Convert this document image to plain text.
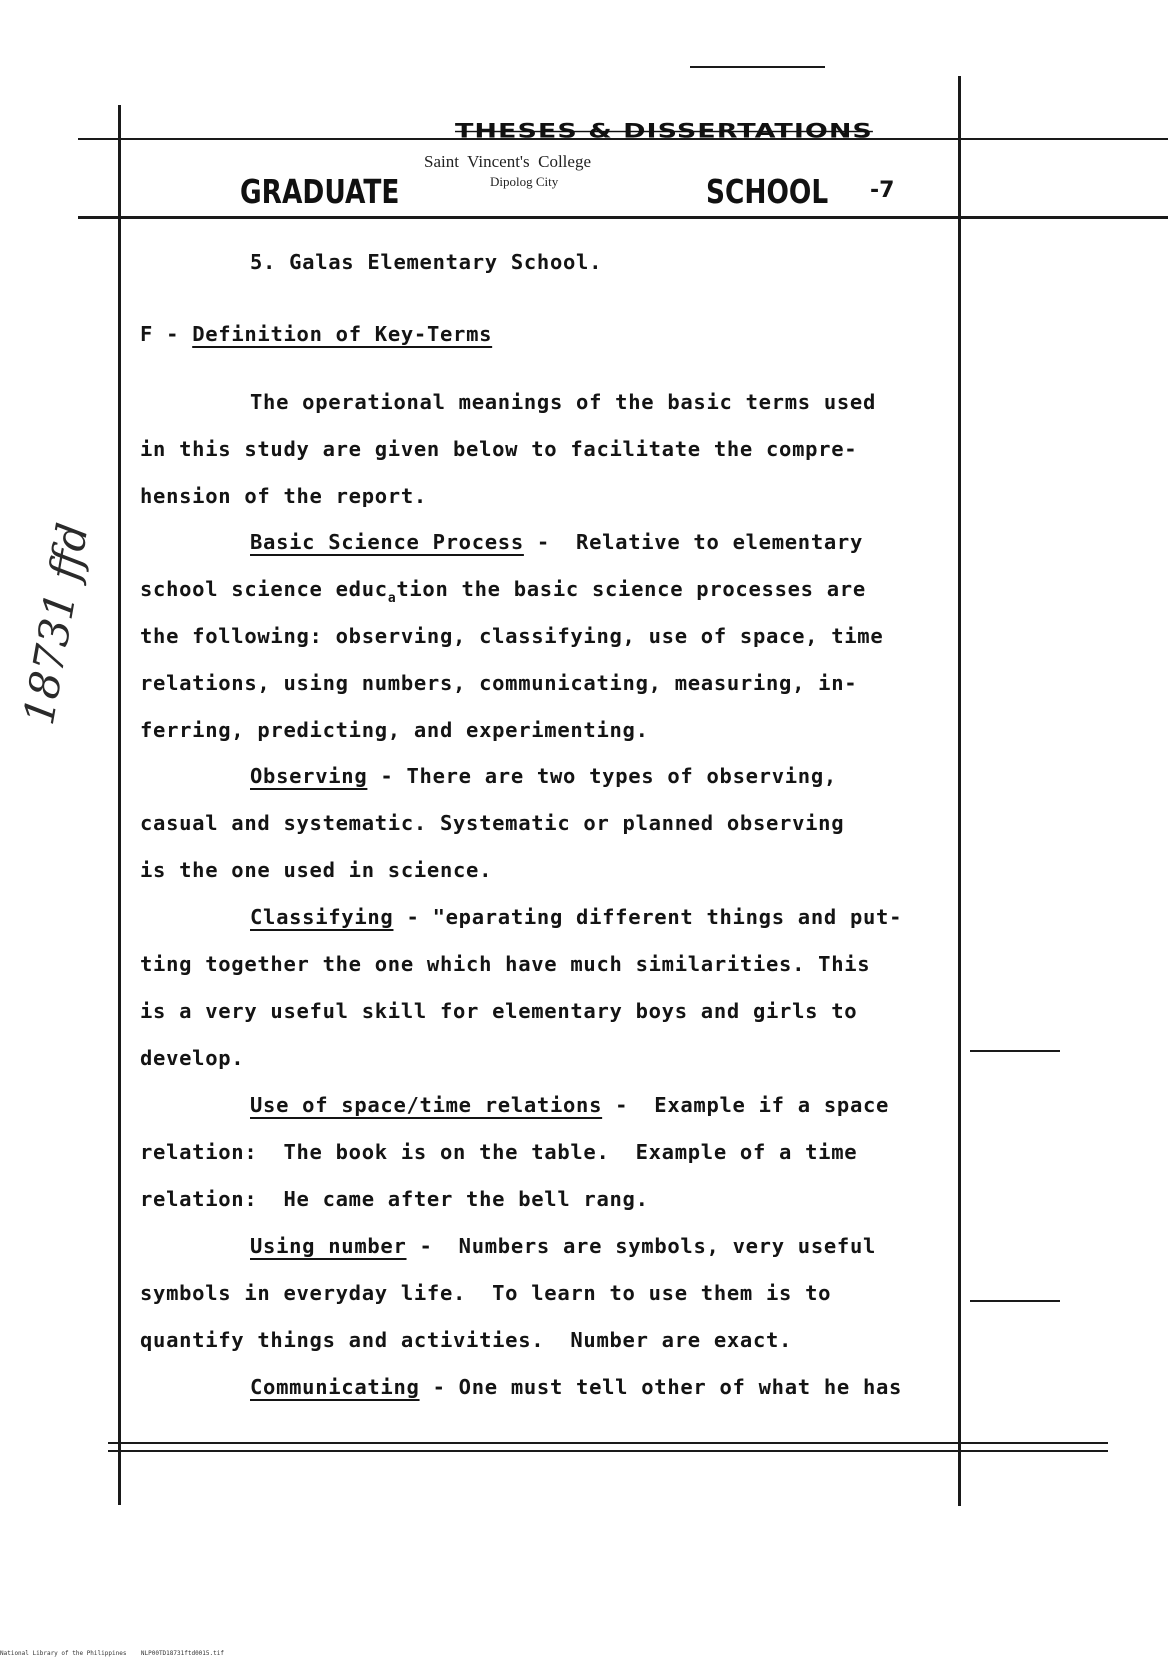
THESES & DISSERTATIONS
GRADUATE
Saint  Vincent's  College
Dipolog City	SCHOOL -7
18731 ffd
5. Galas Elementary School.
F - Definition of Key-Terms
The operational meanings of the basic terms used
in this study are given below to facilitate the compre-
hension of the report.
Basic Science Process -  Relative to elementary
school science educ$_a$tion the basic science processes are
the following: observing, classifying, use of space, time
relations, using numbers, communicating, measuring, in-
ferring, predicting, and experimenting.
Observing - There are two types of observing,
casual and systematic. Systematic or planned observing
is the one used in science.
Classifying - "eparating different things and put-
ting together the one which have much similarities. This
is a very useful skill for elementary boys and girls to
develop.
Use of space/time relations -  Example if a space
relation:  The book is on the table.  Example of a time
relation:  He came after the bell rang.
Using number -  Numbers are symbols, very useful
symbols in everyday life.  To learn to use them is to
quantify things and activities.  Number are exact.
Communicating - One must tell other of what he has
National Library of the Philippines    NLP00TD18731ftd0015.tif
